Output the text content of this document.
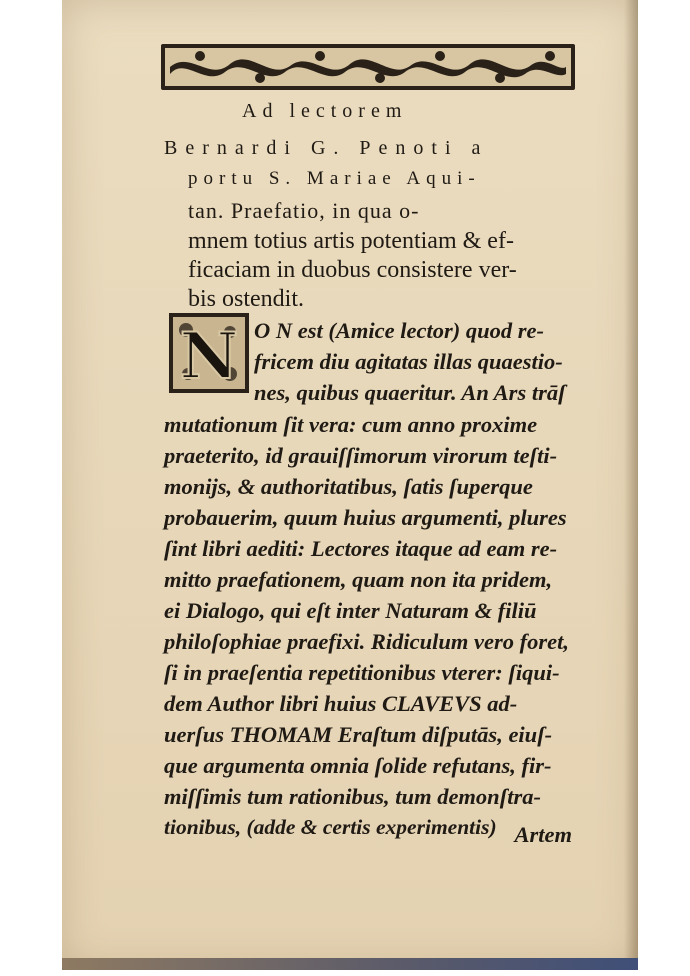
Ad lectorem
Bernardi G. Penoti a
portu S. Mariae Aqui-
tan. Praefatio, in qua o-
mnem totius artis potentiam & ef-
ficaciam in duobus consistere ver-
bis ostendit.
N O N est (Amice lector) quod re-
fricem diu agitatas illas quaestio-
nes, quibus quaeritur. An Ars trāſ
mutationum ſit vera: cum anno proxime
praeterito, id grauiſſimorum virorum teſti-
monijs, & authoritatibus, ſatis ſuperque
probauerim, quum huius argumenti, plures
ſint libri aediti: Lectores itaque ad eam re-
mitto praefationem, quam non ita pridem,
ei Dialogo, qui eſt inter Naturam & filiū
philoſophiae praefixi. Ridiculum vero foret,
ſi in praeſentia repetitionibus vterer: ſiqui-
dem Author libri huius CLAVEVS ad-
uerſus THOMAM Eraſtum diſputās, eiuſ-
que argumenta omnia ſolide refutans, fir-
miſſimis tum rationibus, tum demonſtra-
tionibus, (adde & certis experimentis) Artem
